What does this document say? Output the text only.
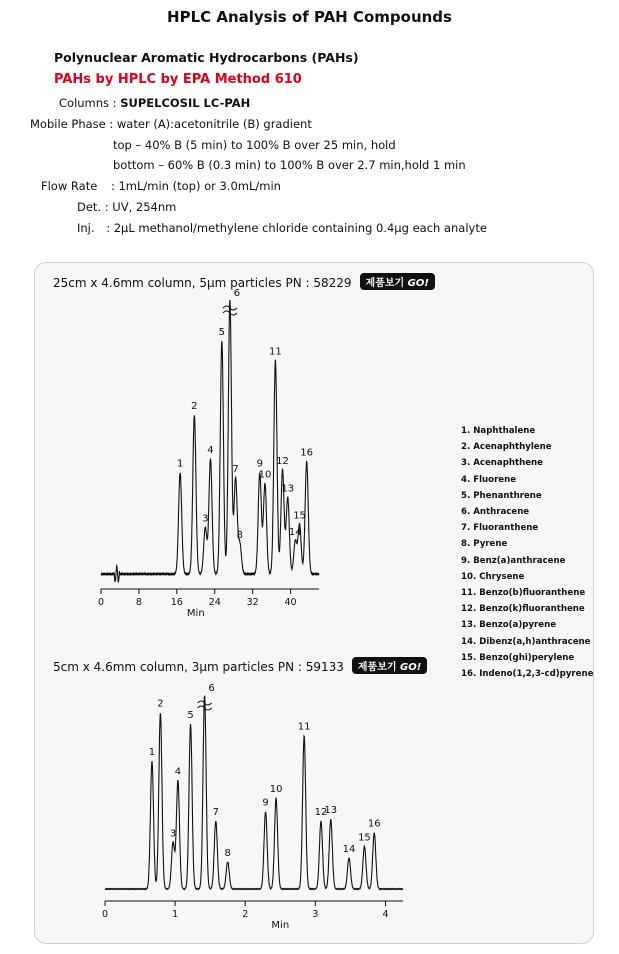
HPLC Analysis of PAH Compounds
Polynuclear Aromatic Hydrocarbons (PAHs)
PAHs by HPLC by EPA Method 610
Columns : SUPELCOSIL LC-PAH
Mobile Phase : water (A):acetonitrile (B) gradient
top – 40% B (5 min) to 100% B over 25 min, hold
bottom – 60% B (0.3 min) to 100% B over 2.7 min,hold 1 min
Flow Rate : 1mL/min (top) or 3.0mL/min
Det. : UV, 254nm
Inj. : 2μL methanol/methylene chloride containing 0.4μg each analyte
25cm x 4.6mm column, 5μm particles PN : 58229 제품보기 GO!
5cm x 4.6mm column, 3μm particles PN : 59133 제품보기 GO!
1
2
3
4
5
6
7
8
9
10
11
12
13
14
15
16
0	8	16	24	32	40
Min
1
2
3
4
5
6
7
8
9
10
11
12
13
14
15
16
0	1	2	3	4
Min
1. Naphthalene
2. Acenaphthylene
3. Acenaphthene
4. Fluorene
5. Phenanthrene
6. Anthracene
7. Fluoranthene
8. Pyrene
9. Benz(a)anthracene
10. Chrysene
11. Benzo(b)fluoranthene
12. Benzo(k)fluoranthene
13. Benzo(a)pyrene
14. Dibenz(a,h)anthracene
15. Benzo(ghi)perylene
16. Indeno(1,2,3-cd)pyrene
